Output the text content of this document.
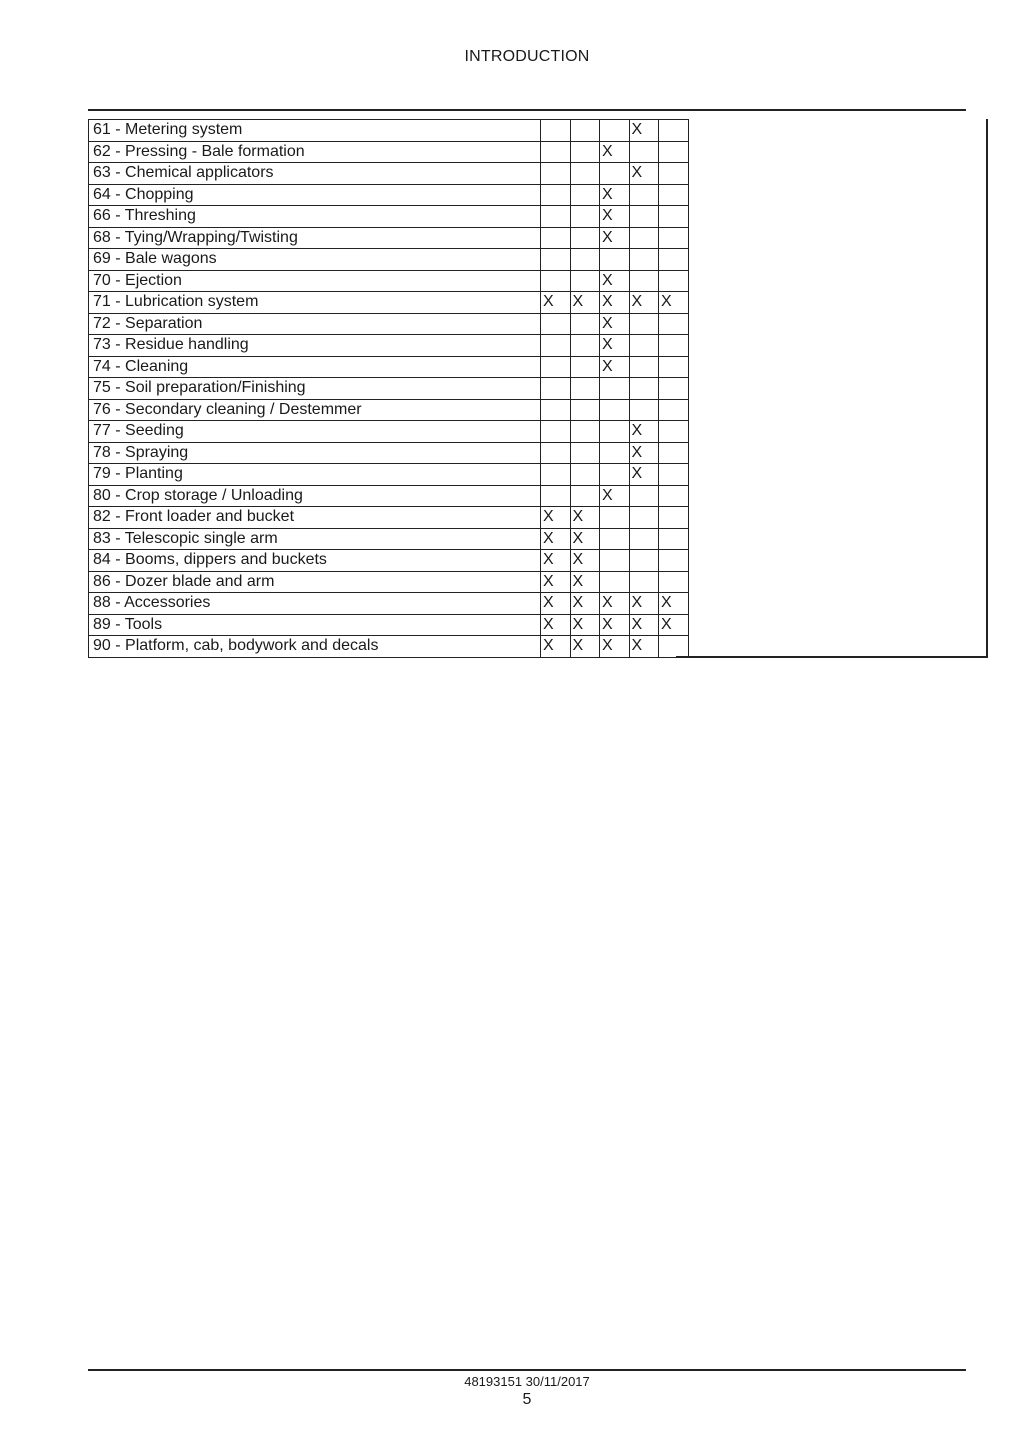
INTRODUCTION
61 - Metering system				X	
62 - Pressing - Bale formation			X		
63 - Chemical applicators				X	
64 - Chopping			X		
66 - Threshing			X		
68 - Tying/Wrapping/Twisting			X		
69 - Bale wagons					
70 - Ejection			X		
71 - Lubrication system	X	X	X	X	X
72 - Separation			X		
73 - Residue handling			X		
74 - Cleaning			X		
75 - Soil preparation/Finishing					
76 - Secondary cleaning / Destemmer					
77 - Seeding				X	
78 - Spraying				X	
79 - Planting				X	
80 - Crop storage / Unloading			X		
82 - Front loader and bucket	X	X			
83 - Telescopic single arm	X	X			
84 - Booms, dippers and buckets	X	X			
86 - Dozer blade and arm	X	X			
88 - Accessories	X	X	X	X	X
89 - Tools	X	X	X	X	X
90 - Platform, cab, bodywork and decals	X	X	X	X	
48193151 30/11/2017
5
